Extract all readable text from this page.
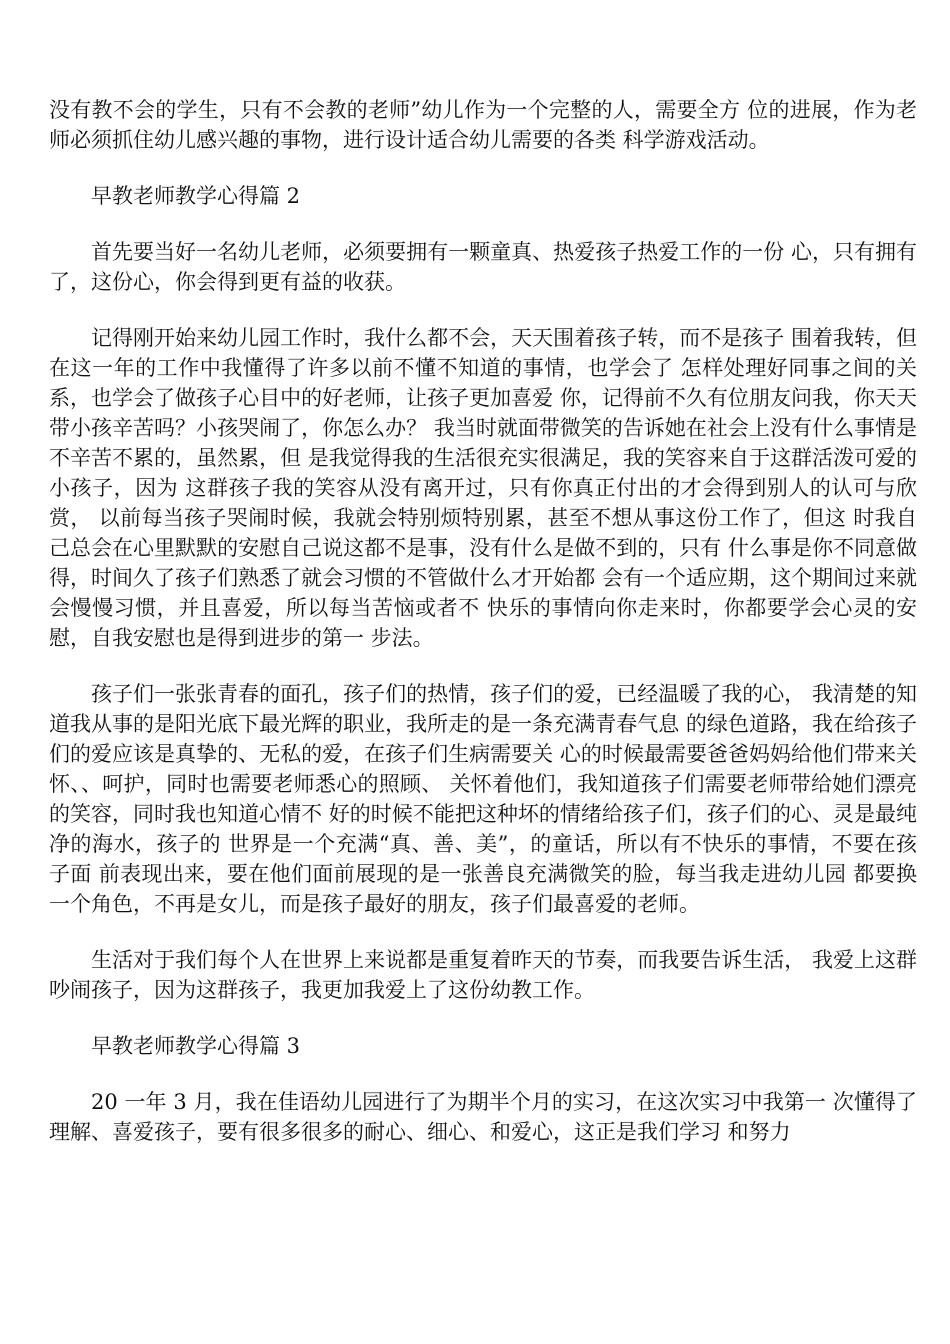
没有教不会的学生，只有不会教的老师”幼儿作为一个完整的人，需要全方 位的进展，作为老师必须抓住幼儿感兴趣的事物，进行设计适合幼儿需要的各类 科学游戏活动。

早教老师教学心得篇 2

首先要当好一名幼儿老师，必须要拥有一颗童真、热爱孩子热爱工作的一份 心，只有拥有了，这份心，你会得到更有益的收获。

记得刚开始来幼儿园工作时，我什么都不会，天天围着孩子转，而不是孩子 围着我转，但在这一年的工作中我懂得了许多以前不懂不知道的事情，也学会了 怎样处理好同事之间的关系，也学会了做孩子心目中的好老师，让孩子更加喜爱 你，记得前不久有位朋友问我，你天天带小孩辛苦吗？小孩哭闹了，你怎么办？ 我当时就面带微笑的告诉她在社会上没有什么事情是不辛苦不累的，虽然累，但 是我觉得我的生活很充实很满足，我的笑容来自于这群活泼可爱的小孩子，因为 这群孩子我的笑容从没有离开过，只有你真正付出的才会得到别人的认可与欣赏， 以前每当孩子哭闹时候，我就会特别烦特别累，甚至不想从事这份工作了，但这 时我自己总会在心里默默的安慰自己说这都不是事，没有什么是做不到的，只有 什么事是你不同意做得，时间久了孩子们熟悉了就会习惯的不管做什么才开始都 会有一个适应期，这个期间过来就会慢慢习惯，并且喜爱，所以每当苦恼或者不 快乐的事情向你走来时，你都要学会心灵的安慰，自我安慰也是得到进步的第一 步法。

孩子们一张张青春的面孔，孩子们的热情，孩子们的爱，已经温暖了我的心， 我清楚的知道我从事的是阳光底下最光辉的职业，我所走的是一条充满青春气息 的绿色道路，我在给孩子们的爱应该是真挚的、无私的爱，在孩子们生病需要关 心的时候最需要爸爸妈妈给他们带来关怀、、呵护，同时也需要老师悉心的照顾、 关怀着他们，我知道孩子们需要老师带给她们漂亮的笑容，同时我也知道心情不 好的时候不能把这种坏的情绪给孩子们，孩子们的心、灵是最纯净的海水，孩子的 世界是一个充满“真、善、美”，的童话，所以有不快乐的事情，不要在孩子面 前表现出来，要在他们面前展现的是一张善良充满微笑的脸，每当我走进幼儿园 都要换一个角色，不再是女儿，而是孩子最好的朋友，孩子们最喜爱的老师。

生活对于我们每个人在世界上来说都是重复着昨天的节奏，而我要告诉生活， 我爱上这群吵闹孩子，因为这群孩子，我更加我爱上了这份幼教工作。

早教老师教学心得篇 3

20 一年 3 月，我在佳语幼儿园进行了为期半个月的实习，在这次实习中我第一 次懂得了理解、喜爱孩子，要有很多很多的耐心、细心、和爱心，这正是我们学习 和努力
